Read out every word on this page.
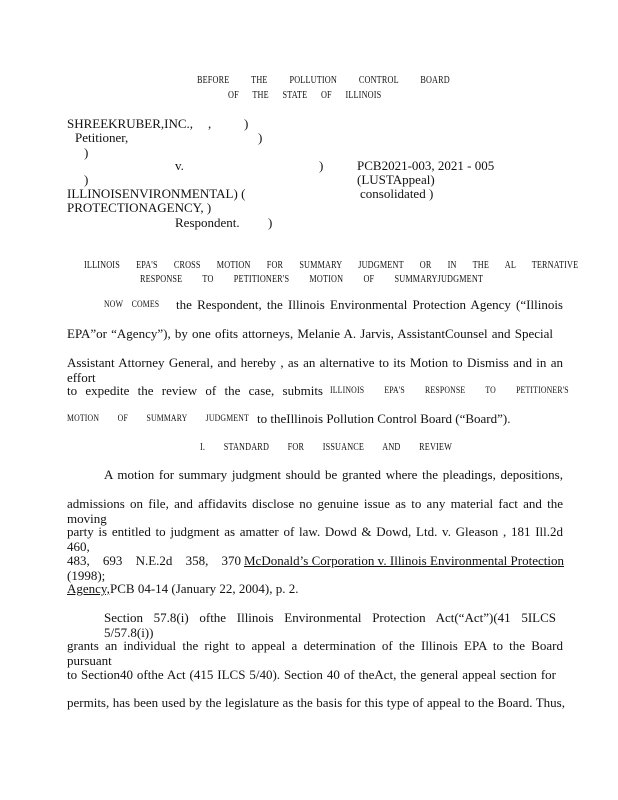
BEFORE THE POLLUTION CONTROL BOARD
OF THE STATE OF ILLINOIS
SHREEKRUBER,INC., ,	)
Petitioner,	)
)
v.	)	PCB2021-003, 2021 - 005
)	(LUSTAppeal)
ILLINOISENVIRONMENTAL) (	consolidated )
PROTECTIONAGENCY, )
Respondent. )
ILLINOIS EPA'S CROSS MOTION FOR SUMMARY JUDGMENT OR IN THE AL TERNATIVE
RESPONSE TO PETITIONER'S MOTION OF SUMMARYJUDGMENT
NOW COMES the Respondent, the Illinois Environmental Protection Agency (“Illinois
EPA”or “Agency”), by one ofits attorneys, Melanie A. Jarvis, AssistantCounsel and Special
Assistant Attorney General, and hereby , as an alternative to its Motion to Dismiss and in an effort
to expedite the review of the case, submits ILLINOIS EPA'S RESPONSE TO PETITIONER'S
MOTION OF SUMMARY JUDGMENT to theIllinois Pollution Control Board (“Board”).
I. STANDARD FOR ISSUANCE AND REVIEW
A motion for summary judgment should be granted where the pleadings, depositions,
admissions on file, and affidavits disclose no genuine issue as to any material fact and the moving
party is entitled to judgment as amatter of law. Dowd & Dowd, Ltd. v. Gleason , 181 Ill.2d 460,
483, 693 N.E.2d 358, 370 (1998);
McDonald’s Corporation v. Illinois Environmental Protection
Agency, PCB 04-14 (January 22, 2004), p. 2.
Section 57.8(i) ofthe Illinois Environmental Protection Act(“Act”)(41 5ILCS 5/57.8(i))
grants an individual the right to appeal a determination of the Illinois EPA to the Board pursuant
to Section40 ofthe Act (415 ILCS 5/40). Section 40 of theAct, the general appeal section for
permits, has been used by the legislature as the basis for this type of appeal to the Board. Thus,
